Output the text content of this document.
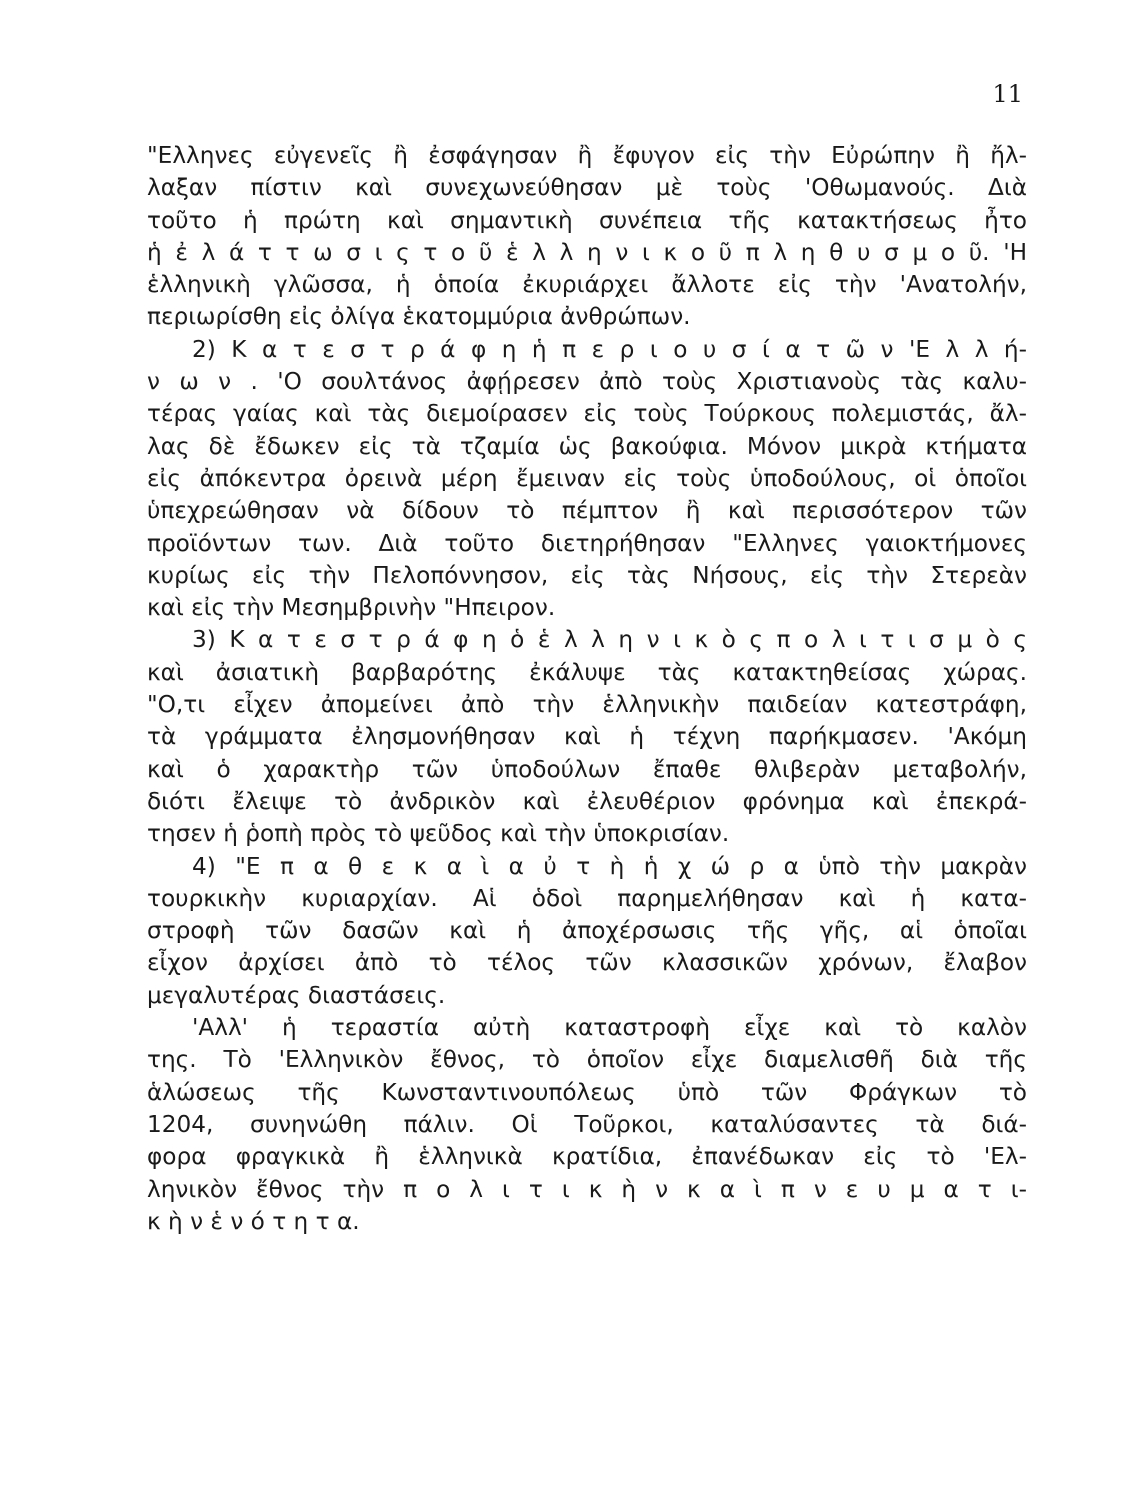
11
"Ελληνες εὐγενεῖς ἢ ἐσφάγησαν ἢ ἔφυγον εἰς τὴν Εὐρώπην ἢ ἤλ-
λαξαν πίστιν καὶ συνεχωνεύθησαν μὲ τοὺς 'Οθωμανούς. Διὰ
τοῦτο ἡ πρώτη καὶ σημαντικὴ συνέπεια τῆς κατακτήσεως ἦτο
ἡ ἐ λ ά τ τ ω σ ι ς τ ο ῦ ἑ λ λ η ν ι κ ο ῦ π λ η θ υ σ μ ο ῦ. 'Η
ἑλληνικὴ γλῶσσα, ἡ ὁποία ἐκυριάρχει ἄλλοτε εἰς τὴν 'Ανατολήν,
περιωρίσθη εἰς ὀλίγα ἑκατομμύρια ἀνθρώπων.
2) Κ α τ ε σ τ ρ ά φ η ἡ π ε ρ ι ο υ σ ί α τ ῶ ν 'Ε λ λ ή-
ν ω ν . 'Ο σουλτάνος ἀφῄρεσεν ἀπὸ τοὺς Χριστιανοὺς τὰς καλυ-
τέρας γαίας καὶ τὰς διεμοίρασεν εἰς τοὺς Τούρκους πολεμιστάς, ἄλ-
λας δὲ ἔδωκεν εἰς τὰ τζαμία ὡς βακούφια. Μόνον μικρὰ κτήματα
εἰς ἀπόκεντρα ὀρεινὰ μέρη ἔμειναν εἰς τοὺς ὑποδούλους, οἱ ὁποῖοι
ὑπεχρεώθησαν νὰ δίδουν τὸ πέμπτον ἢ καὶ περισσότερον τῶν
προϊόντων των. Διὰ τοῦτο διετηρήθησαν "Ελληνες γαιοκτήμονες
κυρίως εἰς τὴν Πελοπόννησον, εἰς τὰς Νήσους, εἰς τὴν Στερεὰν
καὶ εἰς τὴν Μεσημβρινὴν "Ηπειρον.
3) Κ α τ ε σ τ ρ ά φ η ὁ ἑ λ λ η ν ι κ ὸ ς π ο λ ι τ ι σ μ ὸ ς
καὶ ἀσιατικὴ βαρβαρότης ἐκάλυψε τὰς κατακτηθείσας χώρας.
"Ο,τι εἶχεν ἀπομείνει ἀπὸ τὴν ἑλληνικὴν παιδείαν κατεστράφη,
τὰ γράμματα ἐλησμονήθησαν καὶ ἡ τέχνη παρήκμασεν. 'Ακόμη
καὶ ὁ χαρακτὴρ τῶν ὑποδούλων ἔπαθε θλιβερὰν μεταβολήν,
διότι ἔλειψε τὸ ἀνδρικὸν καὶ ἐλευθέριον φρόνημα καὶ ἐπεκρά-
τησεν ἡ ῥοπὴ πρὸς τὸ ψεῦδος καὶ τὴν ὑποκρισίαν.
4) "Ε π α θ ε κ α ὶ α ὐ τ ὴ ἡ χ ώ ρ α ὑπὸ τὴν μακρὰν
τουρκικὴν κυριαρχίαν. Αἱ ὁδοὶ παρημελήθησαν καὶ ἡ κατα-
στροφὴ τῶν δασῶν καὶ ἡ ἀποχέρσωσις τῆς γῆς, αἱ ὁποῖαι
εἶχον ἀρχίσει ἀπὸ τὸ τέλος τῶν κλασσικῶν χρόνων, ἔλαβον
μεγαλυτέρας διαστάσεις.
'Αλλ' ἡ τεραστία αὐτὴ καταστροφὴ εἶχε καὶ τὸ καλὸν
της. Τὸ 'Ελληνικὸν ἔθνος, τὸ ὁποῖον εἶχε διαμελισθῆ διὰ τῆς
ἁλώσεως τῆς Κωνσταντινουπόλεως ὑπὸ τῶν Φράγκων τὸ
1204, συνηνώθη πάλιν. Οἱ Τοῦρκοι, καταλύσαντες τὰ διά-
φορα φραγκικὰ ἢ ἑλληνικὰ κρατίδια, ἐπανέδωκαν εἰς τὸ 'Ελ-
ληνικὸν ἔθνος τὴν π ο λ ι τ ι κ ὴ ν κ α ὶ π ν ε υ μ α τ ι-
κ ὴ ν ἑ ν ό τ η τ α.
